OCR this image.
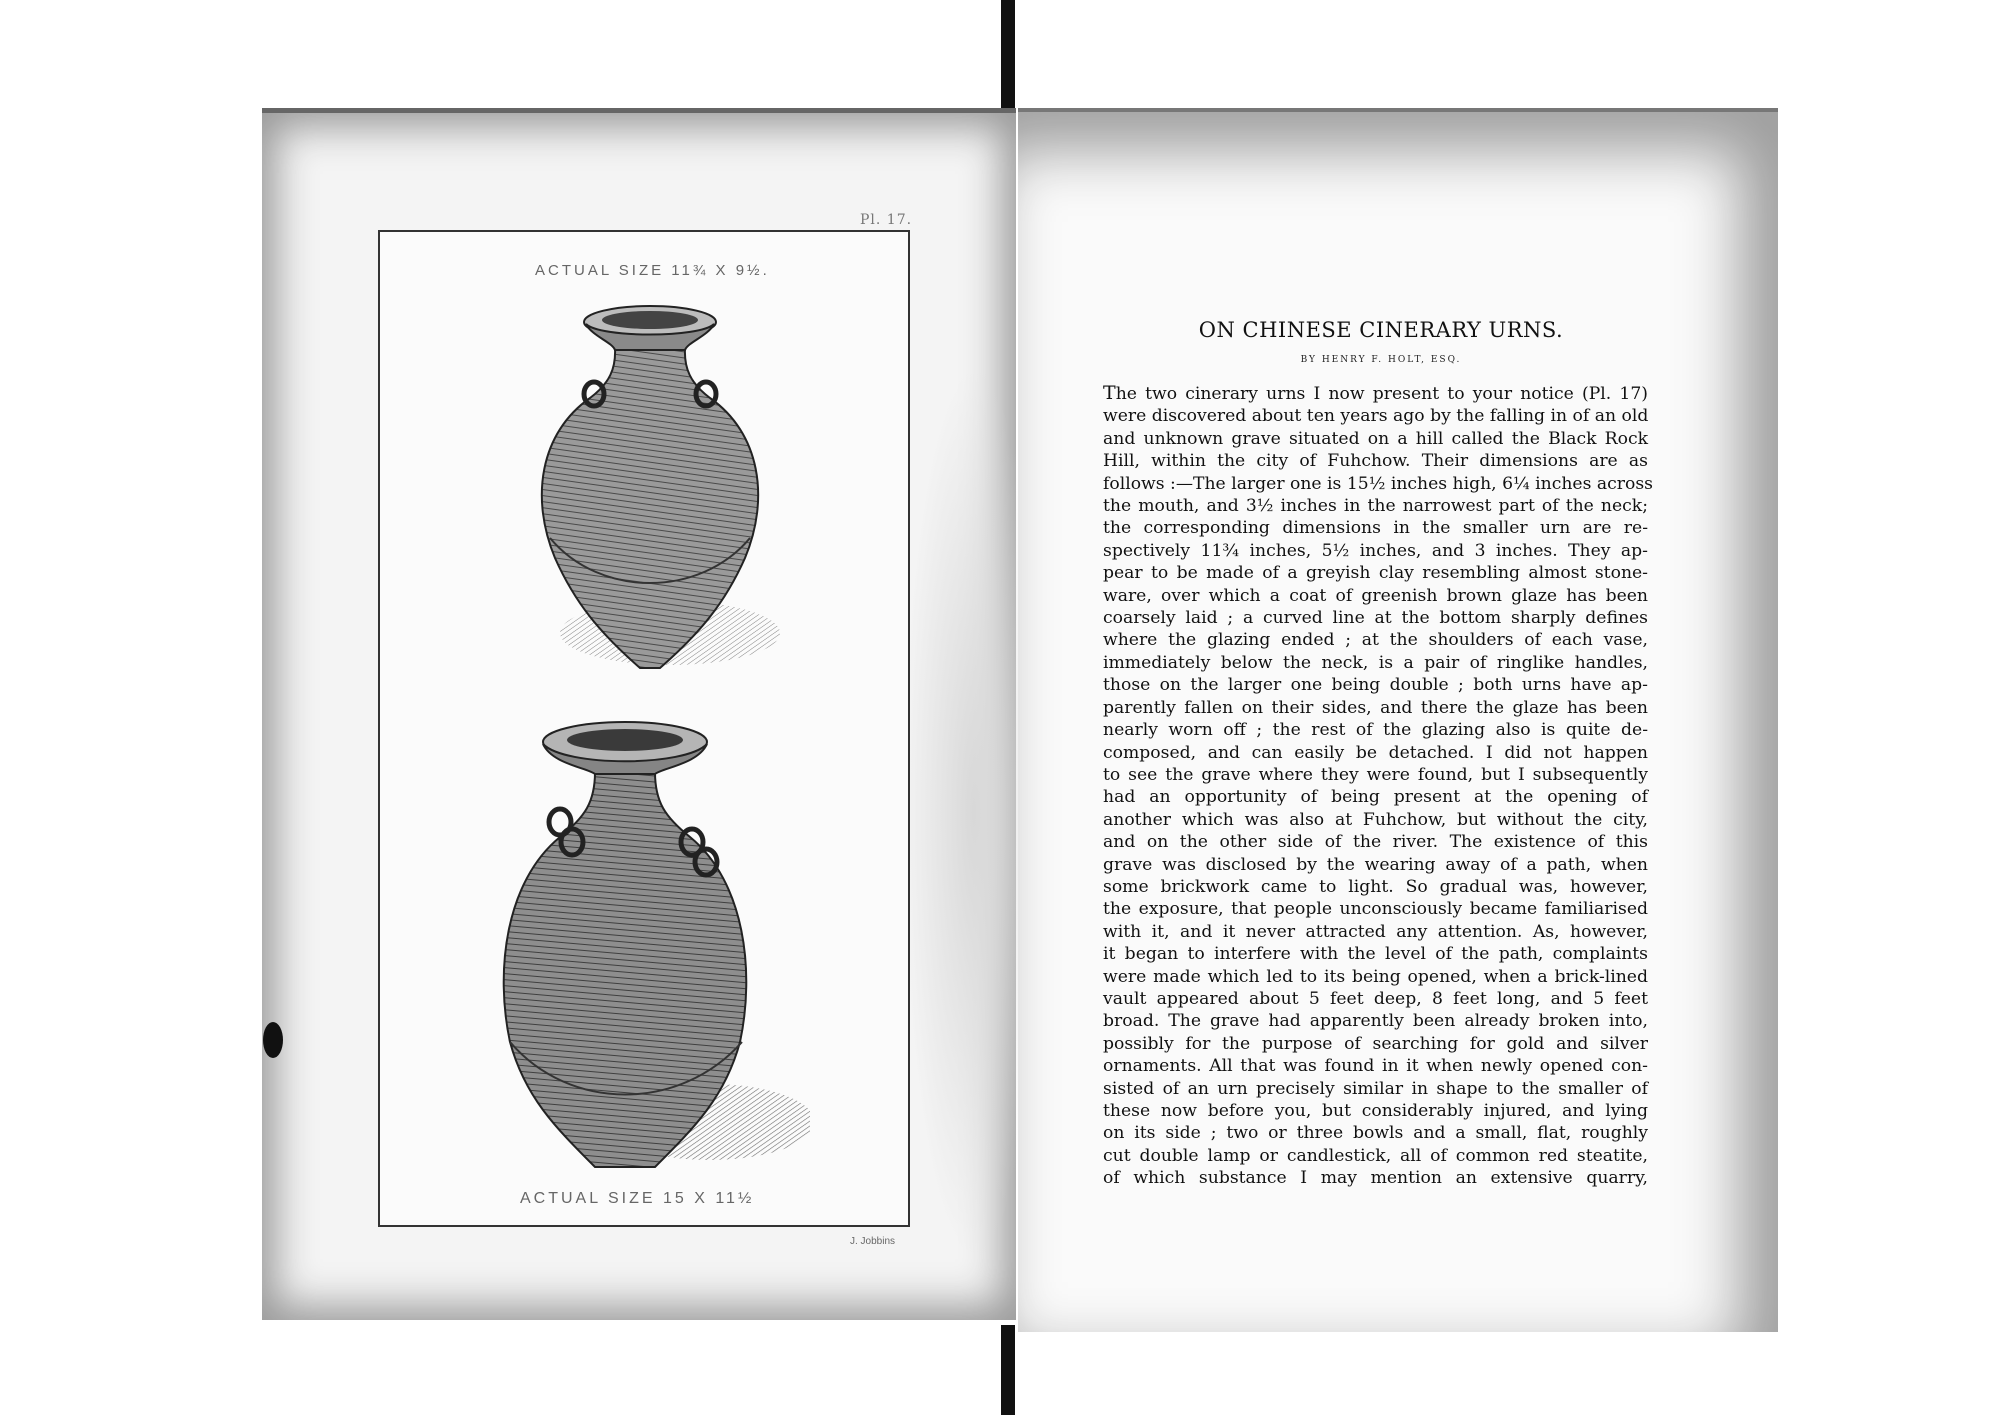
Pl. 17.
ACTUAL SIZE 11¾ X 9½.
ACTUAL SIZE 15 X 11½
J. Jobbins
ON CHINESE CINERARY URNS.
BY HENRY F. HOLT, ESQ.
The two cinerary urns I now present to your notice (Pl. 17)
were discovered about ten years ago by the falling in of an old
and unknown grave situated on a hill called the Black Rock
Hill, within the city of Fuhchow. Their dimensions are as
follows :—The larger one is 15½ inches high, 6¼ inches across
the mouth, and 3½ inches in the narrowest part of the neck;
the corresponding dimensions in the smaller urn are re-
spectively 11¾ inches, 5½ inches, and 3 inches. They ap-
pear to be made of a greyish clay resembling almost stone-
ware, over which a coat of greenish brown glaze has been
coarsely laid ; a curved line at the bottom sharply defines
where the glazing ended ; at the shoulders of each vase,
immediately below the neck, is a pair of ringlike handles,
those on the larger one being double ; both urns have ap-
parently fallen on their sides, and there the glaze has been
nearly worn off ; the rest of the glazing also is quite de-
composed, and can easily be detached. I did not happen
to see the grave where they were found, but I subsequently
had an opportunity of being present at the opening of
another which was also at Fuhchow, but without the city,
and on the other side of the river. The existence of this
grave was disclosed by the wearing away of a path, when
some brickwork came to light. So gradual was, however,
the exposure, that people unconsciously became familiarised
with it, and it never attracted any attention. As, however,
it began to interfere with the level of the path, complaints
were made which led to its being opened, when a brick-lined
vault appeared about 5 feet deep, 8 feet long, and 5 feet
broad. The grave had apparently been already broken into,
possibly for the purpose of searching for gold and silver
ornaments. All that was found in it when newly opened con-
sisted of an urn precisely similar in shape to the smaller of
these now before you, but considerably injured, and lying
on its side ; two or three bowls and a small, flat, roughly
cut double lamp or candlestick, all of common red steatite,
of which substance I may mention an extensive quarry,
